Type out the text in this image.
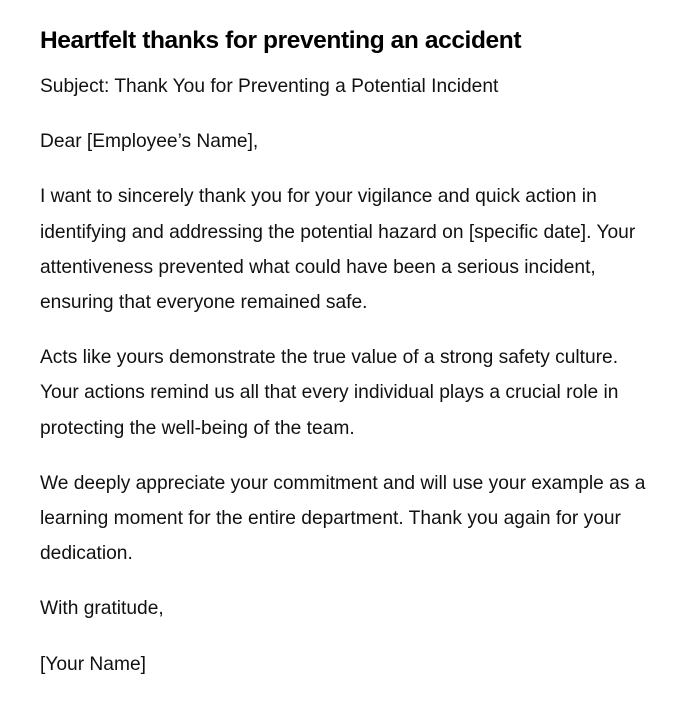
Heartfelt thanks for preventing an accident

Subject: Thank You for Preventing a Potential Incident

Dear [Employee’s Name],

I want to sincerely thank you for your vigilance and quick action in identifying and addressing the potential hazard on [specific date]. Your attentiveness prevented what could have been a serious incident, ensuring that everyone remained safe.

Acts like yours demonstrate the true value of a strong safety culture. Your actions remind us all that every individual plays a crucial role in protecting the well-being of the team.

We deeply appreciate your commitment and will use your example as a learning moment for the entire department. Thank you again for your dedication.

With gratitude,

[Your Name]
